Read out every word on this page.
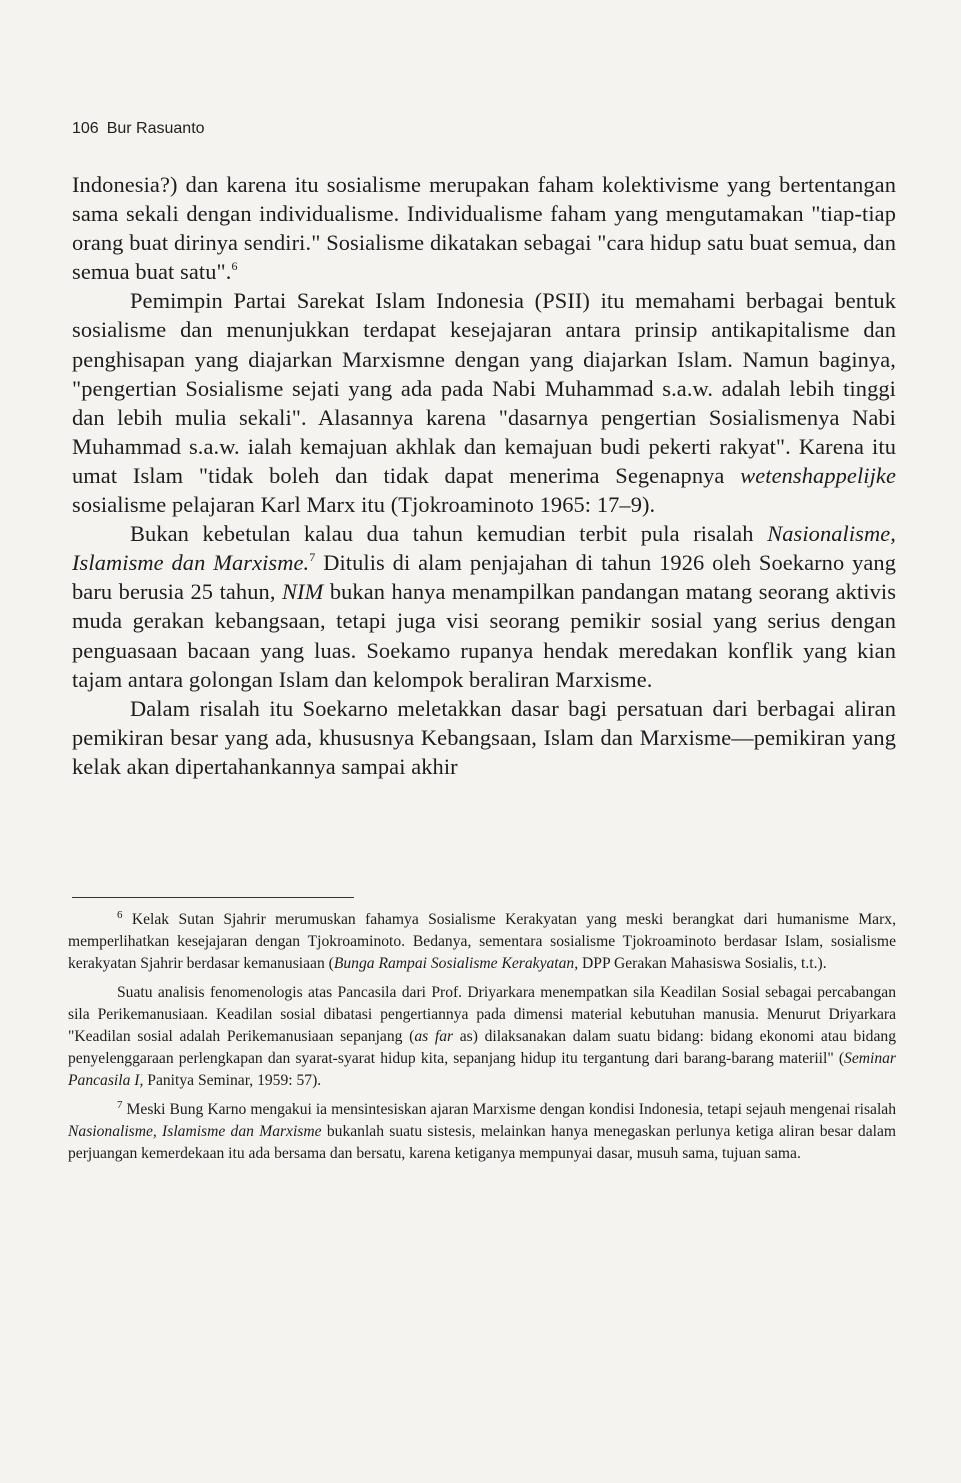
106 Bur Rasuanto

Indonesia?) dan karena itu sosialisme merupakan faham kolektivisme yang bertentangan sama sekali dengan individualisme. Individualisme faham yang mengutamakan "tiap-tiap orang buat dirinya sendiri." Sosialisme dikatakan sebagai "cara hidup satu buat semua, dan semua buat satu".$^6$

Pemimpin Partai Sarekat Islam Indonesia (PSII) itu memahami berbagai bentuk sosialisme dan menunjukkan terdapat kesejajaran antara prinsip antikapitalisme dan penghisapan yang diajarkan Marxismne dengan yang diajarkan Islam. Namun baginya, "pengertian Sosialisme sejati yang ada pada Nabi Muhammad s.a.w. adalah lebih tinggi dan lebih mulia sekali". Alasannya karena "dasarnya pengertian Sosialismenya Nabi Muhammad s.a.w. ialah kemajuan akhlak dan kemajuan budi pekerti rakyat". Karena itu umat Islam "tidak boleh dan tidak dapat menerima Segenapnya wetenshappelijke sosialisme pelajaran Karl Marx itu (Tjokroaminoto 1965: 17–9).

Bukan kebetulan kalau dua tahun kemudian terbit pula risalah Nasionalisme, Islamisme dan Marxisme.$^7$ Ditulis di alam penjajahan di tahun 1926 oleh Soekarno yang baru berusia 25 tahun, NIM bukan hanya menampilkan pandangan matang seorang aktivis muda gerakan kebangsaan, tetapi juga visi seorang pemikir sosial yang serius dengan penguasaan bacaan yang luas. Soekamo rupanya hendak meredakan konflik yang kian tajam antara golongan Islam dan kelompok beraliran Marxisme.

Dalam risalah itu Soekarno meletakkan dasar bagi persatuan dari berbagai aliran pemikiran besar yang ada, khususnya Kebangsaan, Islam dan Marxisme—pemikiran yang kelak akan dipertahankannya sampai akhir

$^6$ Kelak Sutan Sjahrir merumuskan fahamya Sosialisme Kerakyatan yang meski berangkat dari humanisme Marx, memperlihatkan kesejajaran dengan Tjokroaminoto. Bedanya, sementara sosialisme Tjokroaminoto berdasar Islam, sosialisme kerakyatan Sjahrir berdasar kemanusiaan (Bunga Rampai Sosialisme Kerakyatan, DPP Gerakan Mahasiswa Sosialis, t.t.).

Suatu analisis fenomenologis atas Pancasila dari Prof. Driyarkara menempatkan sila Keadilan Sosial sebagai percabangan sila Perikemanusiaan. Keadilan sosial dibatasi pengertiannya pada dimensi material kebutuhan manusia. Menurut Driyarkara "Keadilan sosial adalah Perikemanusiaan sepanjang (as far as) dilaksanakan dalam suatu bidang: bidang ekonomi atau bidang penyelenggaraan perlengkapan dan syarat-syarat hidup kita, sepanjang hidup itu tergantung dari barang-barang materiil" (Seminar Pancasila I, Panitya Seminar, 1959: 57).

$^7$ Meski Bung Karno mengakui ia mensintesiskan ajaran Marxisme dengan kondisi Indonesia, tetapi sejauh mengenai risalah Nasionalisme, Islamisme dan Marxisme bukanlah suatu sistesis, melainkan hanya menegaskan perlunya ketiga aliran besar dalam perjuangan kemerdekaan itu ada bersama dan bersatu, karena ketiganya mempunyai dasar, musuh sama, tujuan sama.
